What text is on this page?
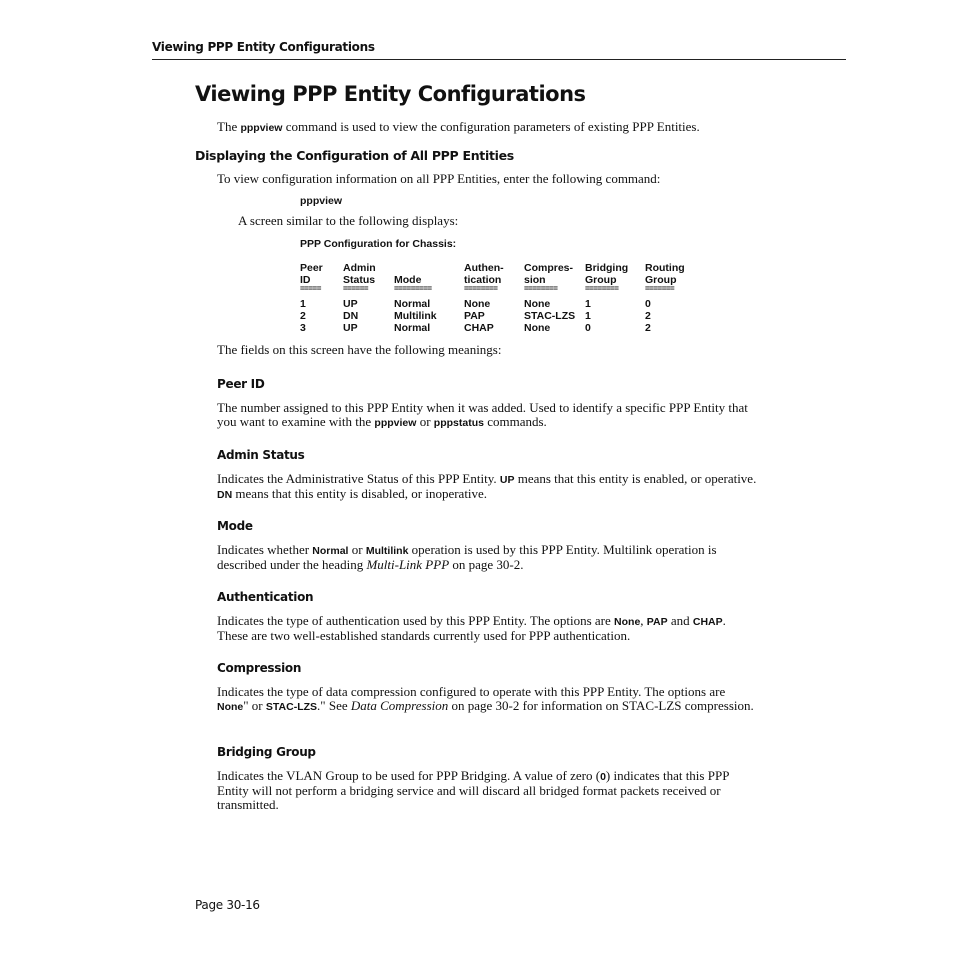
Viewing PPP Entity Configurations
Viewing PPP Entity Configurations
The pppview command is used to view the configuration parameters of existing PPP Entities.
Displaying the Configuration of All PPP Entities
To view configuration information on all PPP Entities, enter the following command:
pppview
A screen similar to the following displays:
PPP Configuration for Chassis:
Peer
ID
=====
1
2
3
Admin
Status
======
UP
DN
UP
Mode
=========
Normal
Multilink
Normal
Authen-
tication
========
None
PAP
CHAP
Compres-
sion
========
None
STAC-LZS
None
Bridging
Group
========
1
1
0
Routing
Group
=======
0
2
2
The fields on this screen have the following meanings:
Peer ID
The number assigned to this PPP Entity when it was added. Used to identify a specific PPP Entity that you want to examine with the pppview or pppstatus commands.
Admin Status
Indicates the Administrative Status of this PPP Entity. UP means that this entity is enabled, or operative. DN means that this entity is disabled, or inoperative.
Mode
Indicates whether Normal or Multilink operation is used by this PPP Entity. Multilink operation is described under the heading Multi-Link PPP on page 30-2.
Authentication
Indicates the type of authentication used by this PPP Entity. The options are None, PAP and CHAP. These are two well-established standards currently used for PPP authentication.
Compression
Indicates the type of data compression configured to operate with this PPP Entity. The options are None" or STAC-LZS." See Data Compression on page 30-2 for information on STAC-LZS compression.
Bridging Group
Indicates the VLAN Group to be used for PPP Bridging. A value of zero (0) indicates that this PPP Entity will not perform a bridging service and will discard all bridged format packets received or transmitted.
Page 30-16
